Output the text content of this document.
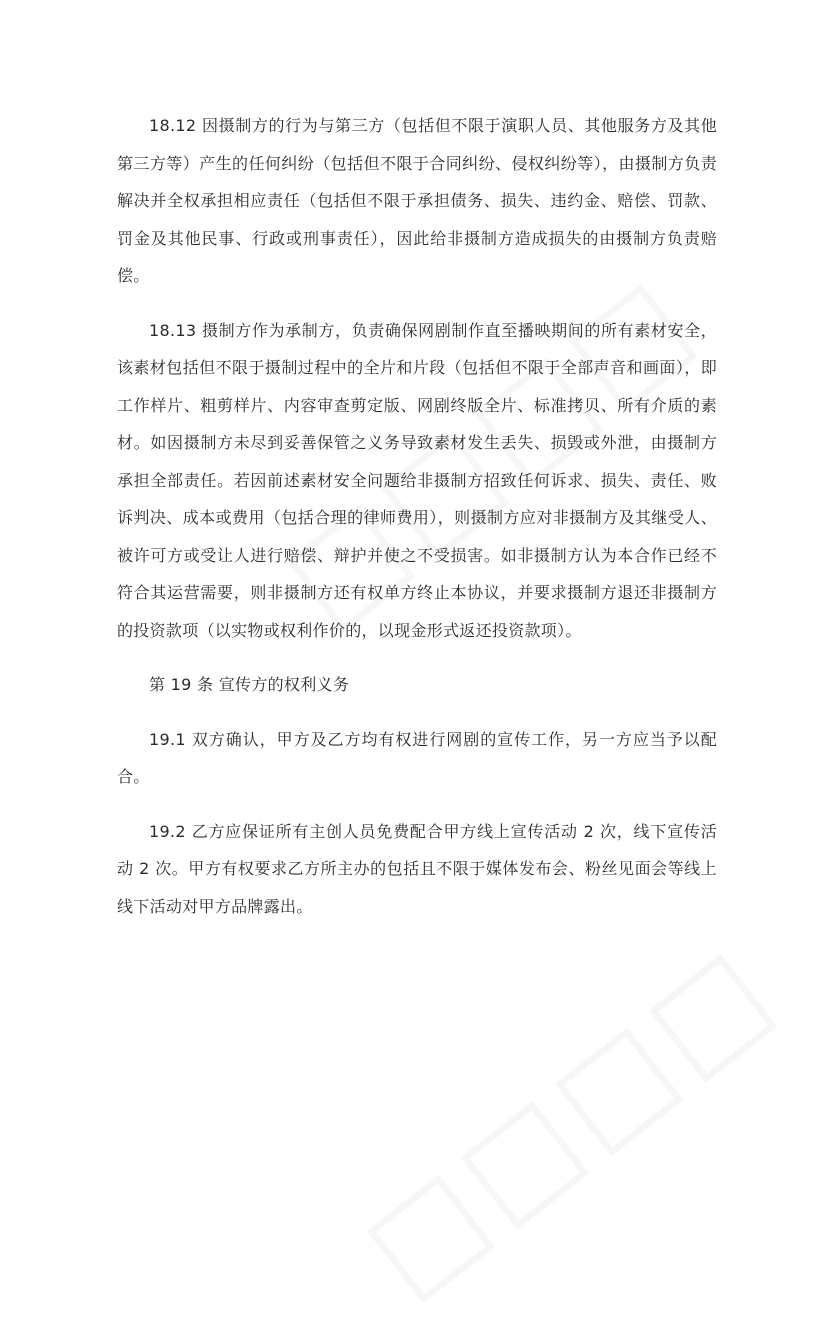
18.12 因摄制方的行为与第三方（包括但不限于演职人员、其他服务方及其他第三方等）产生的任何纠纷（包括但不限于合同纠纷、侵权纠纷等），由摄制方负责解决并全权承担相应责任（包括但不限于承担债务、损失、违约金、赔偿、罚款、罚金及其他民事、行政或刑事责任），因此给非摄制方造成损失的由摄制方负责赔偿。

18.13 摄制方作为承制方，负责确保网剧制作直至播映期间的所有素材安全，该素材包括但不限于摄制过程中的全片和片段（包括但不限于全部声音和画面），即工作样片、粗剪样片、内容审查剪定版、网剧终版全片、标准拷贝、所有介质的素材。如因摄制方未尽到妥善保管之义务导致素材发生丢失、损毁或外泄，由摄制方承担全部责任。若因前述素材安全问题给非摄制方招致任何诉求、损失、责任、败诉判决、成本或费用（包括合理的律师费用），则摄制方应对非摄制方及其继受人、被许可方或受让人进行赔偿、辩护并使之不受损害。如非摄制方认为本合作已经不符合其运营需要，则非摄制方还有权单方终止本协议，并要求摄制方退还非摄制方的投资款项（以实物或权利作价的，以现金形式返还投资款项）。

第 19 条 宣传方的权利义务

19.1 双方确认，甲方及乙方均有权进行网剧的宣传工作，另一方应当予以配合。

19.2 乙方应保证所有主创人员免费配合甲方线上宣传活动 2 次，线下宣传活动 2 次。甲方有权要求乙方所主办的包括且不限于媒体发布会、粉丝见面会等线上线下活动对甲方品牌露出。
